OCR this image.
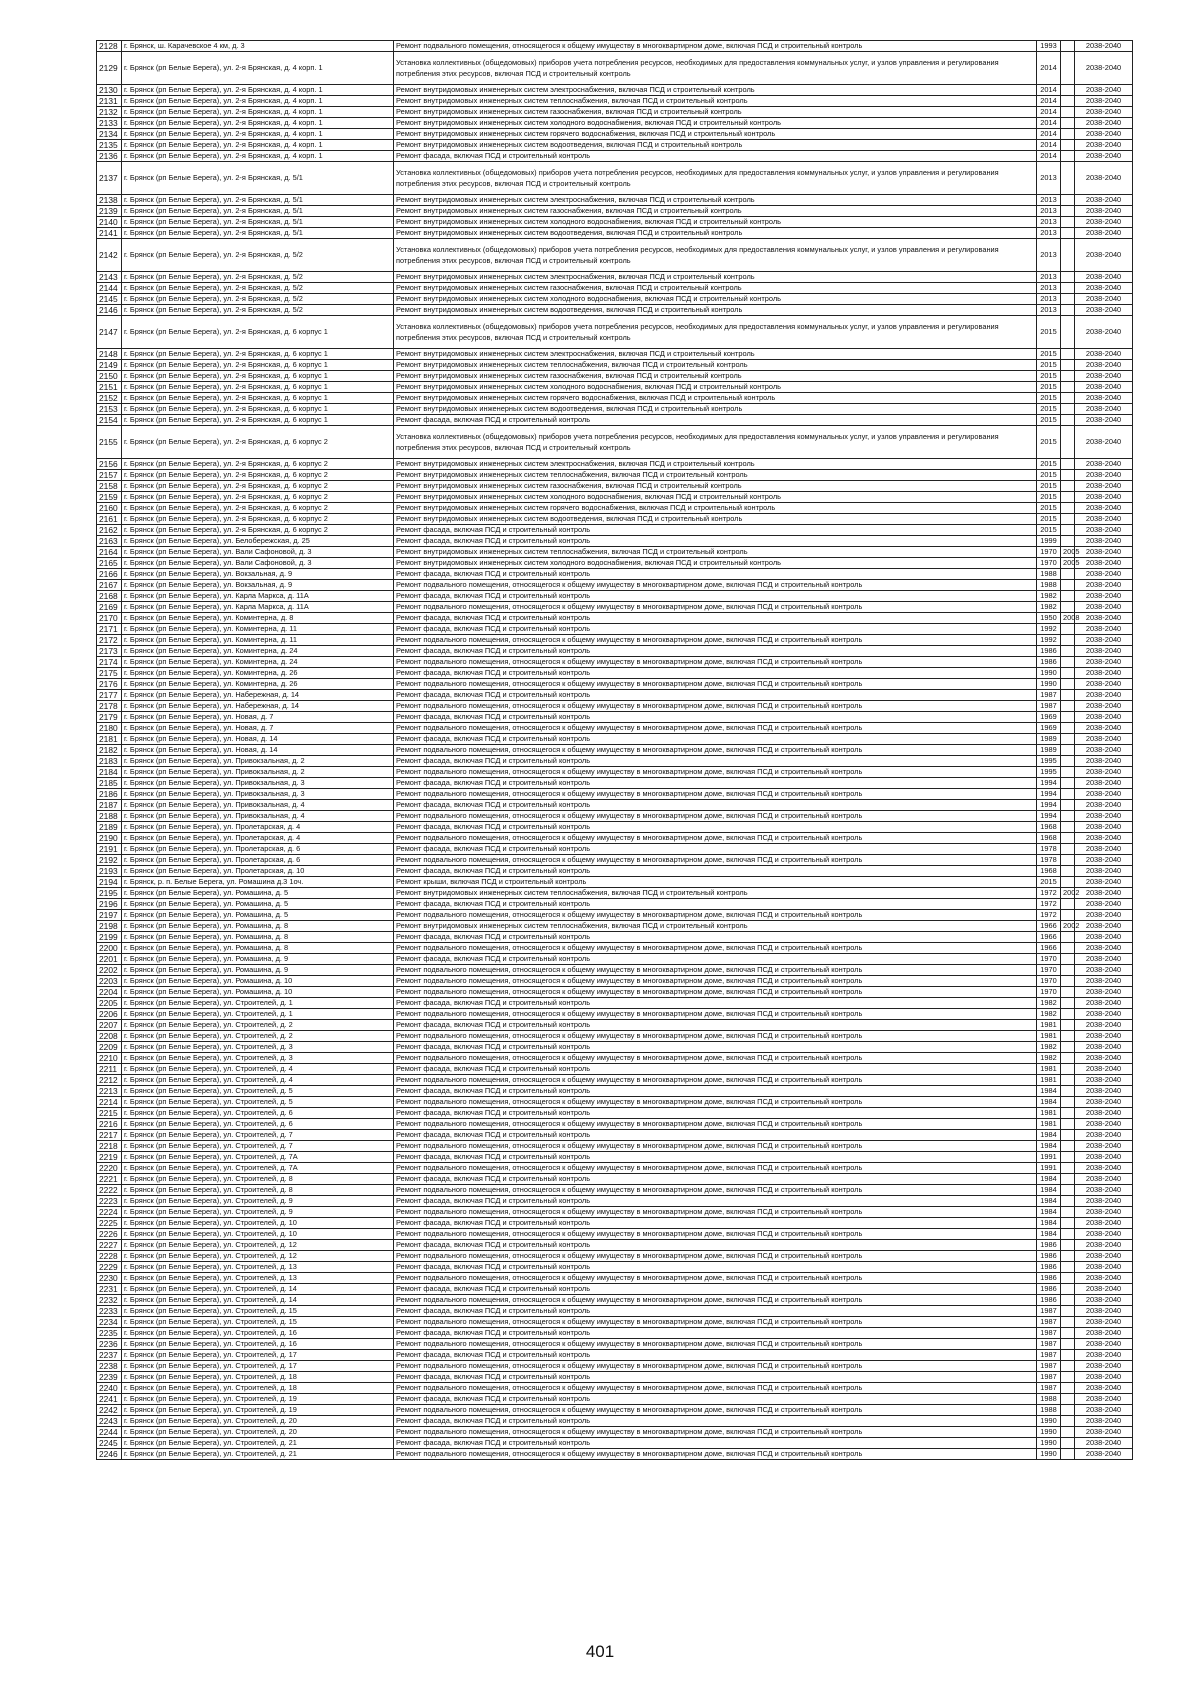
2128	г. Брянск, ш. Карачевское 4 км, д. 3	Ремонт подвального помещения, относящегося к общему имуществу в многоквартирном доме, включая ПСД и строительный контроль	1993		2038-2040
2129	г. Брянск (рп Белые Берега), ул. 2-я Брянская, д. 4 корп. 1	Установка коллективных (общедомовых) приборов учета потребления ресурсов, необходимых для предоставления коммунальных услуг, и узлов управления и регулирования потребления этих ресурсов, включая ПСД и строительный контроль	2014		2038-2040
2130	г. Брянск (рп Белые Берега), ул. 2-я Брянская, д. 4 корп. 1	Ремонт внутридомовых инженерных систем электроснабжения, включая ПСД и строительный контроль	2014		2038-2040
2131	г. Брянск (рп Белые Берега), ул. 2-я Брянская, д. 4 корп. 1	Ремонт внутридомовых инженерных систем теплоснабжения, включая ПСД и строительный контроль	2014		2038-2040
2132	г. Брянск (рп Белые Берега), ул. 2-я Брянская, д. 4 корп. 1	Ремонт внутридомовых инженерных систем газоснабжения, включая ПСД и строительный контроль	2014		2038-2040
2133	г. Брянск (рп Белые Берега), ул. 2-я Брянская, д. 4 корп. 1	Ремонт внутридомовых инженерных систем холодного водоснабжения, включая ПСД и строительный контроль	2014		2038-2040
2134	г. Брянск (рп Белые Берега), ул. 2-я Брянская, д. 4 корп. 1	Ремонт внутридомовых инженерных систем горячего водоснабжения, включая ПСД и строительный контроль	2014		2038-2040
2135	г. Брянск (рп Белые Берега), ул. 2-я Брянская, д. 4 корп. 1	Ремонт внутридомовых инженерных систем водоотведения, включая ПСД и строительный контроль	2014		2038-2040
2136	г. Брянск (рп Белые Берега), ул. 2-я Брянская, д. 4 корп. 1	Ремонт фасада, включая ПСД и строительный контроль	2014		2038-2040
2137	г. Брянск (рп Белые Берега), ул. 2-я Брянская, д. 5/1	Установка коллективных (общедомовых) приборов учета потребления ресурсов, необходимых для предоставления коммунальных услуг, и узлов управления и регулирования потребления этих ресурсов, включая ПСД и строительный контроль	2013		2038-2040
2138	г. Брянск (рп Белые Берега), ул. 2-я Брянская, д. 5/1	Ремонт внутридомовых инженерных систем электроснабжения, включая ПСД и строительный контроль	2013		2038-2040
2139	г. Брянск (рп Белые Берега), ул. 2-я Брянская, д. 5/1	Ремонт внутридомовых инженерных систем газоснабжения, включая ПСД и строительный контроль	2013		2038-2040
2140	г. Брянск (рп Белые Берега), ул. 2-я Брянская, д. 5/1	Ремонт внутридомовых инженерных систем холодного водоснабжения, включая ПСД и строительный контроль	2013		2038-2040
2141	г. Брянск (рп Белые Берега), ул. 2-я Брянская, д. 5/1	Ремонт внутридомовых инженерных систем водоотведения, включая ПСД и строительный контроль	2013		2038-2040
2142	г. Брянск (рп Белые Берега), ул. 2-я Брянская, д. 5/2	Установка коллективных (общедомовых) приборов учета потребления ресурсов, необходимых для предоставления коммунальных услуг, и узлов управления и регулирования потребления этих ресурсов, включая ПСД и строительный контроль	2013		2038-2040
2143	г. Брянск (рп Белые Берега), ул. 2-я Брянская, д. 5/2	Ремонт внутридомовых инженерных систем электроснабжения, включая ПСД и строительный контроль	2013		2038-2040
2144	г. Брянск (рп Белые Берега), ул. 2-я Брянская, д. 5/2	Ремонт внутридомовых инженерных систем газоснабжения, включая ПСД и строительный контроль	2013		2038-2040
2145	г. Брянск (рп Белые Берега), ул. 2-я Брянская, д. 5/2	Ремонт внутридомовых инженерных систем холодного водоснабжения, включая ПСД и строительный контроль	2013		2038-2040
2146	г. Брянск (рп Белые Берега), ул. 2-я Брянская, д. 5/2	Ремонт внутридомовых инженерных систем водоотведения, включая ПСД и строительный контроль	2013		2038-2040
2147	г. Брянск (рп Белые Берега), ул. 2-я Брянская, д. 6 корпус 1	Установка коллективных (общедомовых) приборов учета потребления ресурсов, необходимых для предоставления коммунальных услуг, и узлов управления и регулирования потребления этих ресурсов, включая ПСД и строительный контроль	2015		2038-2040
2148	г. Брянск (рп Белые Берега), ул. 2-я Брянская, д. 6 корпус 1	Ремонт внутридомовых инженерных систем электроснабжения, включая ПСД и строительный контроль	2015		2038-2040
2149	г. Брянск (рп Белые Берега), ул. 2-я Брянская, д. 6 корпус 1	Ремонт внутридомовых инженерных систем теплоснабжения, включая ПСД и строительный контроль	2015		2038-2040
2150	г. Брянск (рп Белые Берега), ул. 2-я Брянская, д. 6 корпус 1	Ремонт внутридомовых инженерных систем газоснабжения, включая ПСД и строительный контроль	2015		2038-2040
2151	г. Брянск (рп Белые Берега), ул. 2-я Брянская, д. 6 корпус 1	Ремонт внутридомовых инженерных систем холодного водоснабжения, включая ПСД и строительный контроль	2015		2038-2040
2152	г. Брянск (рп Белые Берега), ул. 2-я Брянская, д. 6 корпус 1	Ремонт внутридомовых инженерных систем горячего водоснабжения, включая ПСД и строительный контроль	2015		2038-2040
2153	г. Брянск (рп Белые Берега), ул. 2-я Брянская, д. 6 корпус 1	Ремонт внутридомовых инженерных систем водоотведения, включая ПСД и строительный контроль	2015		2038-2040
2154	г. Брянск (рп Белые Берега), ул. 2-я Брянская, д. 6 корпус 1	Ремонт фасада, включая ПСД и строительный контроль	2015		2038-2040
2155	г. Брянск (рп Белые Берега), ул. 2-я Брянская, д. 6 корпус 2	Установка коллективных (общедомовых) приборов учета потребления ресурсов, необходимых для предоставления коммунальных услуг, и узлов управления и регулирования потребления этих ресурсов, включая ПСД и строительный контроль	2015		2038-2040
2156	г. Брянск (рп Белые Берега), ул. 2-я Брянская, д. 6 корпус 2	Ремонт внутридомовых инженерных систем электроснабжения, включая ПСД и строительный контроль	2015		2038-2040
2157	г. Брянск (рп Белые Берега), ул. 2-я Брянская, д. 6 корпус 2	Ремонт внутридомовых инженерных систем теплоснабжения, включая ПСД и строительный контроль	2015		2038-2040
2158	г. Брянск (рп Белые Берега), ул. 2-я Брянская, д. 6 корпус 2	Ремонт внутридомовых инженерных систем газоснабжения, включая ПСД и строительный контроль	2015		2038-2040
2159	г. Брянск (рп Белые Берега), ул. 2-я Брянская, д. 6 корпус 2	Ремонт внутридомовых инженерных систем холодного водоснабжения, включая ПСД и строительный контроль	2015		2038-2040
2160	г. Брянск (рп Белые Берега), ул. 2-я Брянская, д. 6 корпус 2	Ремонт внутридомовых инженерных систем горячего водоснабжения, включая ПСД и строительный контроль	2015		2038-2040
2161	г. Брянск (рп Белые Берега), ул. 2-я Брянская, д. 6 корпус 2	Ремонт внутридомовых инженерных систем водоотведения, включая ПСД и строительный контроль	2015		2038-2040
2162	г. Брянск (рп Белые Берега), ул. 2-я Брянская, д. 6 корпус 2	Ремонт фасада, включая ПСД и строительный контроль	2015		2038-2040
2163	г. Брянск (рп Белые Берега), ул. Белобережская, д. 25	Ремонт фасада, включая ПСД и строительный контроль	1999		2038-2040
2164	г. Брянск (рп Белые Берега), ул. Вали Сафоновой, д. 3	Ремонт внутридомовых инженерных систем теплоснабжения, включая ПСД и строительный контроль	1970	2005	2038-2040
2165	г. Брянск (рп Белые Берега), ул. Вали Сафоновой, д. 3	Ремонт внутридомовых инженерных систем холодного водоснабжения, включая ПСД и строительный контроль	1970	2005	2038-2040
2166	г. Брянск (рп Белые Берега), ул. Вокзальная, д. 9	Ремонт фасада, включая ПСД и строительный контроль	1988		2038-2040
2167	г. Брянск (рп Белые Берега), ул. Вокзальная, д. 9	Ремонт подвального помещения, относящегося к общему имуществу в многоквартирном доме, включая ПСД и строительный контроль	1988		2038-2040
2168	г. Брянск (рп Белые Берега), ул. Карла Маркса, д. 11А	Ремонт фасада, включая ПСД и строительный контроль	1982		2038-2040
2169	г. Брянск (рп Белые Берега), ул. Карла Маркса, д. 11А	Ремонт подвального помещения, относящегося к общему имуществу в многоквартирном доме, включая ПСД и строительный контроль	1982		2038-2040
2170	г. Брянск (рп Белые Берега), ул. Коминтерна, д. 8	Ремонт фасада, включая ПСД и строительный контроль	1950	2008	2038-2040
2171	г. Брянск (рп Белые Берега), ул. Коминтерна, д. 11	Ремонт фасада, включая ПСД и строительный контроль	1992		2038-2040
2172	г. Брянск (рп Белые Берега), ул. Коминтерна, д. 11	Ремонт подвального помещения, относящегося к общему имуществу в многоквартирном доме, включая ПСД и строительный контроль	1992		2038-2040
2173	г. Брянск (рп Белые Берега), ул. Коминтерна, д. 24	Ремонт фасада, включая ПСД и строительный контроль	1986		2038-2040
2174	г. Брянск (рп Белые Берега), ул. Коминтерна, д. 24	Ремонт подвального помещения, относящегося к общему имуществу в многоквартирном доме, включая ПСД и строительный контроль	1986		2038-2040
2175	г. Брянск (рп Белые Берега), ул. Коминтерна, д. 26	Ремонт фасада, включая ПСД и строительный контроль	1990		2038-2040
2176	г. Брянск (рп Белые Берега), ул. Коминтерна, д. 26	Ремонт подвального помещения, относящегося к общему имуществу в многоквартирном доме, включая ПСД и строительный контроль	1990		2038-2040
2177	г. Брянск (рп Белые Берега), ул. Набережная, д. 14	Ремонт фасада, включая ПСД и строительный контроль	1987		2038-2040
2178	г. Брянск (рп Белые Берега), ул. Набережная, д. 14	Ремонт подвального помещения, относящегося к общему имуществу в многоквартирном доме, включая ПСД и строительный контроль	1987		2038-2040
2179	г. Брянск (рп Белые Берега), ул. Новая, д. 7	Ремонт фасада, включая ПСД и строительный контроль	1969		2038-2040
2180	г. Брянск (рп Белые Берега), ул. Новая, д. 7	Ремонт подвального помещения, относящегося к общему имуществу в многоквартирном доме, включая ПСД и строительный контроль	1969		2038-2040
2181	г. Брянск (рп Белые Берега), ул. Новая, д. 14	Ремонт фасада, включая ПСД и строительный контроль	1989		2038-2040
2182	г. Брянск (рп Белые Берега), ул. Новая, д. 14	Ремонт подвального помещения, относящегося к общему имуществу в многоквартирном доме, включая ПСД и строительный контроль	1989		2038-2040
2183	г. Брянск (рп Белые Берега), ул. Привокзальная, д. 2	Ремонт фасада, включая ПСД и строительный контроль	1995		2038-2040
2184	г. Брянск (рп Белые Берега), ул. Привокзальная, д. 2	Ремонт подвального помещения, относящегося к общему имуществу в многоквартирном доме, включая ПСД и строительный контроль	1995		2038-2040
2185	г. Брянск (рп Белые Берега), ул. Привокзальная, д. 3	Ремонт фасада, включая ПСД и строительный контроль	1994		2038-2040
2186	г. Брянск (рп Белые Берега), ул. Привокзальная, д. 3	Ремонт подвального помещения, относящегося к общему имуществу в многоквартирном доме, включая ПСД и строительный контроль	1994		2038-2040
2187	г. Брянск (рп Белые Берега), ул. Привокзальная, д. 4	Ремонт фасада, включая ПСД и строительный контроль	1994		2038-2040
2188	г. Брянск (рп Белые Берега), ул. Привокзальная, д. 4	Ремонт подвального помещения, относящегося к общему имуществу в многоквартирном доме, включая ПСД и строительный контроль	1994		2038-2040
2189	г. Брянск (рп Белые Берега), ул. Пролетарская, д. 4	Ремонт фасада, включая ПСД и строительный контроль	1968		2038-2040
2190	г. Брянск (рп Белые Берега), ул. Пролетарская, д. 4	Ремонт подвального помещения, относящегося к общему имуществу в многоквартирном доме, включая ПСД и строительный контроль	1968		2038-2040
2191	г. Брянск (рп Белые Берега), ул. Пролетарская, д. 6	Ремонт фасада, включая ПСД и строительный контроль	1978		2038-2040
2192	г. Брянск (рп Белые Берега), ул. Пролетарская, д. 6	Ремонт подвального помещения, относящегося к общему имуществу в многоквартирном доме, включая ПСД и строительный контроль	1978		2038-2040
2193	г. Брянск (рп Белые Берега), ул. Пролетарская, д. 10	Ремонт фасада, включая ПСД и строительный контроль	1968		2038-2040
2194	г. Брянск, р. п. Белые Берега, ул. Ромашина д.3 1оч.	Ремонт крыши, включая ПСД и строительный контроль	2015		2038-2040
2195	г. Брянск (рп Белые Берега), ул. Ромашина, д. 5	Ремонт внутридомовых инженерных систем теплоснабжения, включая ПСД и строительный контроль	1972	2002	2038-2040
2196	г. Брянск (рп Белые Берега), ул. Ромашина, д. 5	Ремонт фасада, включая ПСД и строительный контроль	1972		2038-2040
2197	г. Брянск (рп Белые Берега), ул. Ромашина, д. 5	Ремонт подвального помещения, относящегося к общему имуществу в многоквартирном доме, включая ПСД и строительный контроль	1972		2038-2040
2198	г. Брянск (рп Белые Берега), ул. Ромашина, д. 8	Ремонт внутридомовых инженерных систем теплоснабжения, включая ПСД и строительный контроль	1966	2002	2038-2040
2199	г. Брянск (рп Белые Берега), ул. Ромашина, д. 8	Ремонт фасада, включая ПСД и строительный контроль	1966		2038-2040
2200	г. Брянск (рп Белые Берега), ул. Ромашина, д. 8	Ремонт подвального помещения, относящегося к общему имуществу в многоквартирном доме, включая ПСД и строительный контроль	1966		2038-2040
2201	г. Брянск (рп Белые Берега), ул. Ромашина, д. 9	Ремонт фасада, включая ПСД и строительный контроль	1970		2038-2040
2202	г. Брянск (рп Белые Берега), ул. Ромашина, д. 9	Ремонт подвального помещения, относящегося к общему имуществу в многоквартирном доме, включая ПСД и строительный контроль	1970		2038-2040
2203	г. Брянск (рп Белые Берега), ул. Ромашина, д. 10	Ремонт подвального помещения, относящегося к общему имуществу в многоквартирном доме, включая ПСД и строительный контроль	1970		2038-2040
2204	г. Брянск (рп Белые Берега), ул. Ромашина, д. 10	Ремонт подвального помещения, относящегося к общему имуществу в многоквартирном доме, включая ПСД и строительный контроль	1970		2038-2040
2205	г. Брянск (рп Белые Берега), ул. Строителей, д. 1	Ремонт фасада, включая ПСД и строительный контроль	1982		2038-2040
2206	г. Брянск (рп Белые Берега), ул. Строителей, д. 1	Ремонт подвального помещения, относящегося к общему имуществу в многоквартирном доме, включая ПСД и строительный контроль	1982		2038-2040
2207	г. Брянск (рп Белые Берега), ул. Строителей, д. 2	Ремонт фасада, включая ПСД и строительный контроль	1981		2038-2040
2208	г. Брянск (рп Белые Берега), ул. Строителей, д. 2	Ремонт подвального помещения, относящегося к общему имуществу в многоквартирном доме, включая ПСД и строительный контроль	1981		2038-2040
2209	г. Брянск (рп Белые Берега), ул. Строителей, д. 3	Ремонт фасада, включая ПСД и строительный контроль	1982		2038-2040
2210	г. Брянск (рп Белые Берега), ул. Строителей, д. 3	Ремонт подвального помещения, относящегося к общему имуществу в многоквартирном доме, включая ПСД и строительный контроль	1982		2038-2040
2211	г. Брянск (рп Белые Берега), ул. Строителей, д. 4	Ремонт фасада, включая ПСД и строительный контроль	1981		2038-2040
2212	г. Брянск (рп Белые Берега), ул. Строителей, д. 4	Ремонт подвального помещения, относящегося к общему имуществу в многоквартирном доме, включая ПСД и строительный контроль	1981		2038-2040
2213	г. Брянск (рп Белые Берега), ул. Строителей, д. 5	Ремонт фасада, включая ПСД и строительный контроль	1984		2038-2040
2214	г. Брянск (рп Белые Берега), ул. Строителей, д. 5	Ремонт подвального помещения, относящегося к общему имуществу в многоквартирном доме, включая ПСД и строительный контроль	1984		2038-2040
2215	г. Брянск (рп Белые Берега), ул. Строителей, д. 6	Ремонт фасада, включая ПСД и строительный контроль	1981		2038-2040
2216	г. Брянск (рп Белые Берега), ул. Строителей, д. 6	Ремонт подвального помещения, относящегося к общему имуществу в многоквартирном доме, включая ПСД и строительный контроль	1981		2038-2040
2217	г. Брянск (рп Белые Берега), ул. Строителей, д. 7	Ремонт фасада, включая ПСД и строительный контроль	1984		2038-2040
2218	г. Брянск (рп Белые Берега), ул. Строителей, д. 7	Ремонт подвального помещения, относящегося к общему имуществу в многоквартирном доме, включая ПСД и строительный контроль	1984		2038-2040
2219	г. Брянск (рп Белые Берега), ул. Строителей, д. 7А	Ремонт фасада, включая ПСД и строительный контроль	1991		2038-2040
2220	г. Брянск (рп Белые Берега), ул. Строителей, д. 7А	Ремонт подвального помещения, относящегося к общему имуществу в многоквартирном доме, включая ПСД и строительный контроль	1991		2038-2040
2221	г. Брянск (рп Белые Берега), ул. Строителей, д. 8	Ремонт фасада, включая ПСД и строительный контроль	1984		2038-2040
2222	г. Брянск (рп Белые Берега), ул. Строителей, д. 8	Ремонт подвального помещения, относящегося к общему имуществу в многоквартирном доме, включая ПСД и строительный контроль	1984		2038-2040
2223	г. Брянск (рп Белые Берега), ул. Строителей, д. 9	Ремонт фасада, включая ПСД и строительный контроль	1984		2038-2040
2224	г. Брянск (рп Белые Берега), ул. Строителей, д. 9	Ремонт подвального помещения, относящегося к общему имуществу в многоквартирном доме, включая ПСД и строительный контроль	1984		2038-2040
2225	г. Брянск (рп Белые Берега), ул. Строителей, д. 10	Ремонт фасада, включая ПСД и строительный контроль	1984		2038-2040
2226	г. Брянск (рп Белые Берега), ул. Строителей, д. 10	Ремонт подвального помещения, относящегося к общему имуществу в многоквартирном доме, включая ПСД и строительный контроль	1984		2038-2040
2227	г. Брянск (рп Белые Берега), ул. Строителей, д. 12	Ремонт фасада, включая ПСД и строительный контроль	1986		2038-2040
2228	г. Брянск (рп Белые Берега), ул. Строителей, д. 12	Ремонт подвального помещения, относящегося к общему имуществу в многоквартирном доме, включая ПСД и строительный контроль	1986		2038-2040
2229	г. Брянск (рп Белые Берега), ул. Строителей, д. 13	Ремонт фасада, включая ПСД и строительный контроль	1986		2038-2040
2230	г. Брянск (рп Белые Берега), ул. Строителей, д. 13	Ремонт подвального помещения, относящегося к общему имуществу в многоквартирном доме, включая ПСД и строительный контроль	1986		2038-2040
2231	г. Брянск (рп Белые Берега), ул. Строителей, д. 14	Ремонт фасада, включая ПСД и строительный контроль	1986		2038-2040
2232	г. Брянск (рп Белые Берега), ул. Строителей, д. 14	Ремонт подвального помещения, относящегося к общему имуществу в многоквартирном доме, включая ПСД и строительный контроль	1986		2038-2040
2233	г. Брянск (рп Белые Берега), ул. Строителей, д. 15	Ремонт фасада, включая ПСД и строительный контроль	1987		2038-2040
2234	г. Брянск (рп Белые Берега), ул. Строителей, д. 15	Ремонт подвального помещения, относящегося к общему имуществу в многоквартирном доме, включая ПСД и строительный контроль	1987		2038-2040
2235	г. Брянск (рп Белые Берега), ул. Строителей, д. 16	Ремонт фасада, включая ПСД и строительный контроль	1987		2038-2040
2236	г. Брянск (рп Белые Берега), ул. Строителей, д. 16	Ремонт подвального помещения, относящегося к общему имуществу в многоквартирном доме, включая ПСД и строительный контроль	1987		2038-2040
2237	г. Брянск (рп Белые Берега), ул. Строителей, д. 17	Ремонт фасада, включая ПСД и строительный контроль	1987		2038-2040
2238	г. Брянск (рп Белые Берега), ул. Строителей, д. 17	Ремонт подвального помещения, относящегося к общему имуществу в многоквартирном доме, включая ПСД и строительный контроль	1987		2038-2040
2239	г. Брянск (рп Белые Берега), ул. Строителей, д. 18	Ремонт фасада, включая ПСД и строительный контроль	1987		2038-2040
2240	г. Брянск (рп Белые Берега), ул. Строителей, д. 18	Ремонт подвального помещения, относящегося к общему имуществу в многоквартирном доме, включая ПСД и строительный контроль	1987		2038-2040
2241	г. Брянск (рп Белые Берега), ул. Строителей, д. 19	Ремонт фасада, включая ПСД и строительный контроль	1988		2038-2040
2242	г. Брянск (рп Белые Берега), ул. Строителей, д. 19	Ремонт подвального помещения, относящегося к общему имуществу в многоквартирном доме, включая ПСД и строительный контроль	1988		2038-2040
2243	г. Брянск (рп Белые Берега), ул. Строителей, д. 20	Ремонт фасада, включая ПСД и строительный контроль	1990		2038-2040
2244	г. Брянск (рп Белые Берега), ул. Строителей, д. 20	Ремонт подвального помещения, относящегося к общему имуществу в многоквартирном доме, включая ПСД и строительный контроль	1990		2038-2040
2245	г. Брянск (рп Белые Берега), ул. Строителей, д. 21	Ремонт фасада, включая ПСД и строительный контроль	1990		2038-2040
2246	г. Брянск (рп Белые Берега), ул. Строителей, д. 21	Ремонт подвального помещения, относящегося к общему имуществу в многоквартирном доме, включая ПСД и строительный контроль	1990		2038-2040
401
